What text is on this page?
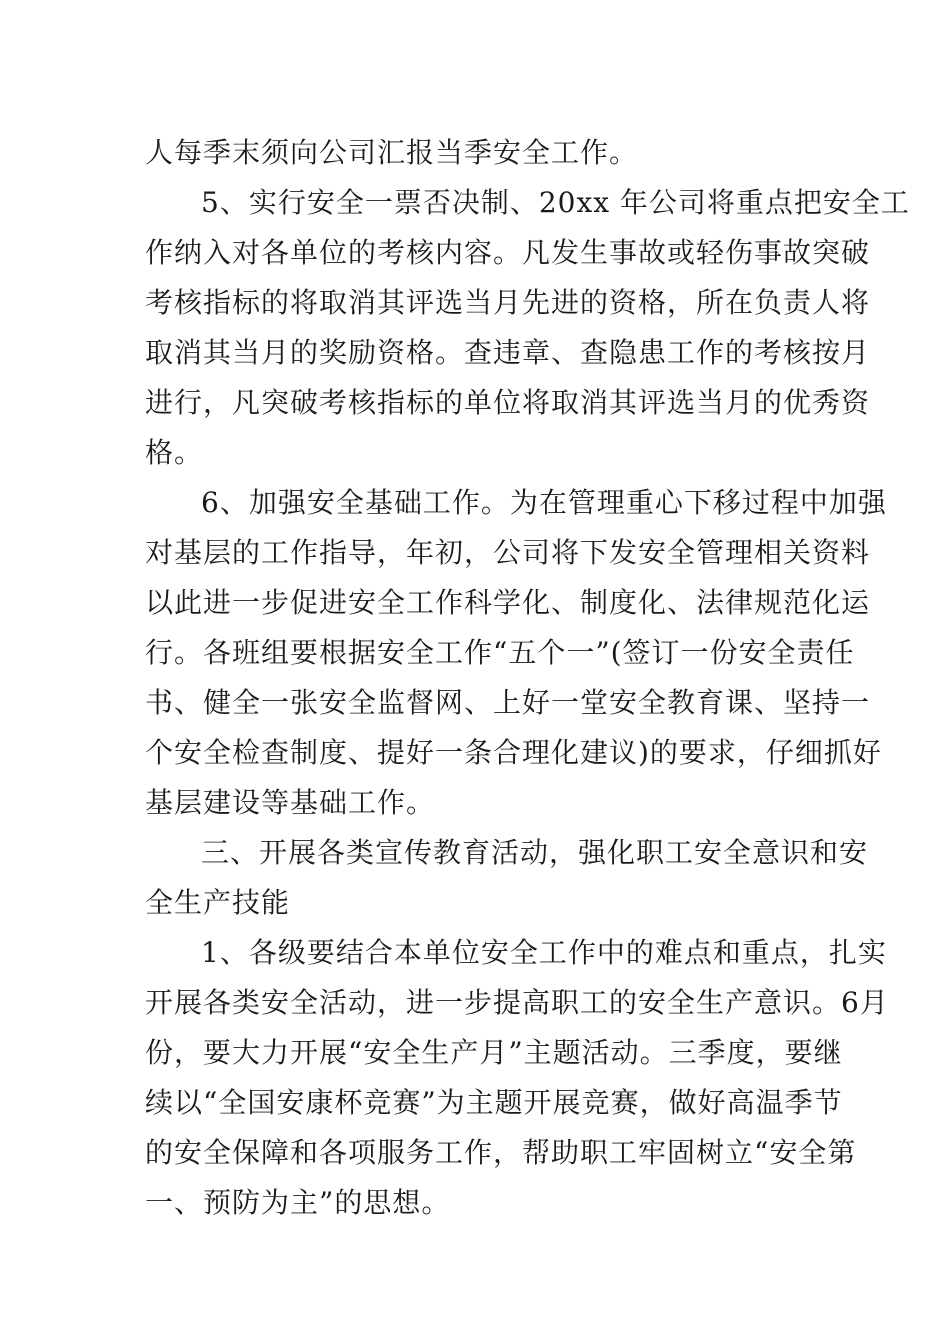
人每季末须向公司汇报当季安全工作。
5、实行安全一票否决制、20xx 年公司将重点把安全工
作纳入对各单位的考核内容。凡发生事故或轻伤事故突破
考核指标的将取消其评选当月先进的资格，所在负责人将
取消其当月的奖励资格。查违章、查隐患工作的考核按月
进行，凡突破考核指标的单位将取消其评选当月的优秀资
格。
6、加强安全基础工作。为在管理重心下移过程中加强
对基层的工作指导，年初，公司将下发安全管理相关资料
以此进一步促进安全工作科学化、制度化、法律规范化运
行。各班组要根据安全工作“五个一”(签订一份安全责任
书、健全一张安全监督网、上好一堂安全教育课、坚持一
个安全检查制度、提好一条合理化建议)的要求，仔细抓好
基层建设等基础工作。
三、开展各类宣传教育活动，强化职工安全意识和安
全生产技能
1、各级要结合本单位安全工作中的难点和重点，扎实
开展各类安全活动，进一步提高职工的安全生产意识。6月
份，要大力开展“安全生产月”主题活动。三季度，要继
续以“全国安康杯竞赛”为主题开展竞赛，做好高温季节
的安全保障和各项服务工作，帮助职工牢固树立“安全第
一、预防为主”的思想。
